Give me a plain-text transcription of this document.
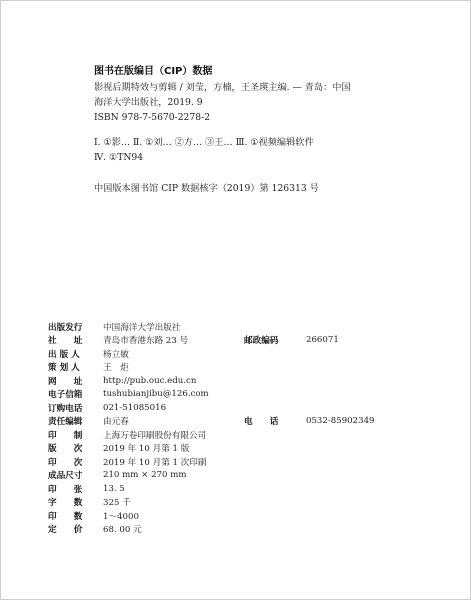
图书在版编目（CIP）数据
影视后期特效与剪辑 / 刘莹，方楠，王圣瑛主编. — 青岛：中国
海洋大学出版社，2019. 9
ISBN 978-7-5670-2278-2
Ⅰ. ①影… Ⅱ. ①刘… ②方… ③王… Ⅲ. ①视频编辑软件
Ⅳ. ①TN94
中国版本图书馆 CIP 数据核字（2019）第 126313 号
出版发行	中国海洋大学出版社
社　　址	青岛市香港东路 23 号	邮政编码	266071
出 版 人	杨立敏
策 划 人	王　炬
网　　址	http://pub.ouc.edu.cn
电子信箱	tushubianjibu@126.com
订购电话	021-51085016
责任编辑	由元春	电　　话	0532-85902349
印　　制	上海万卷印刷股份有限公司
版　　次	2019 年 10 月第 1 版
印　　次	2019 年 10 月第 1 次印刷
成品尺寸	210 mm × 270 mm
印　　张	13. 5
字　　数	325 千
印　　数	1～4000
定　　价	68. 00 元
